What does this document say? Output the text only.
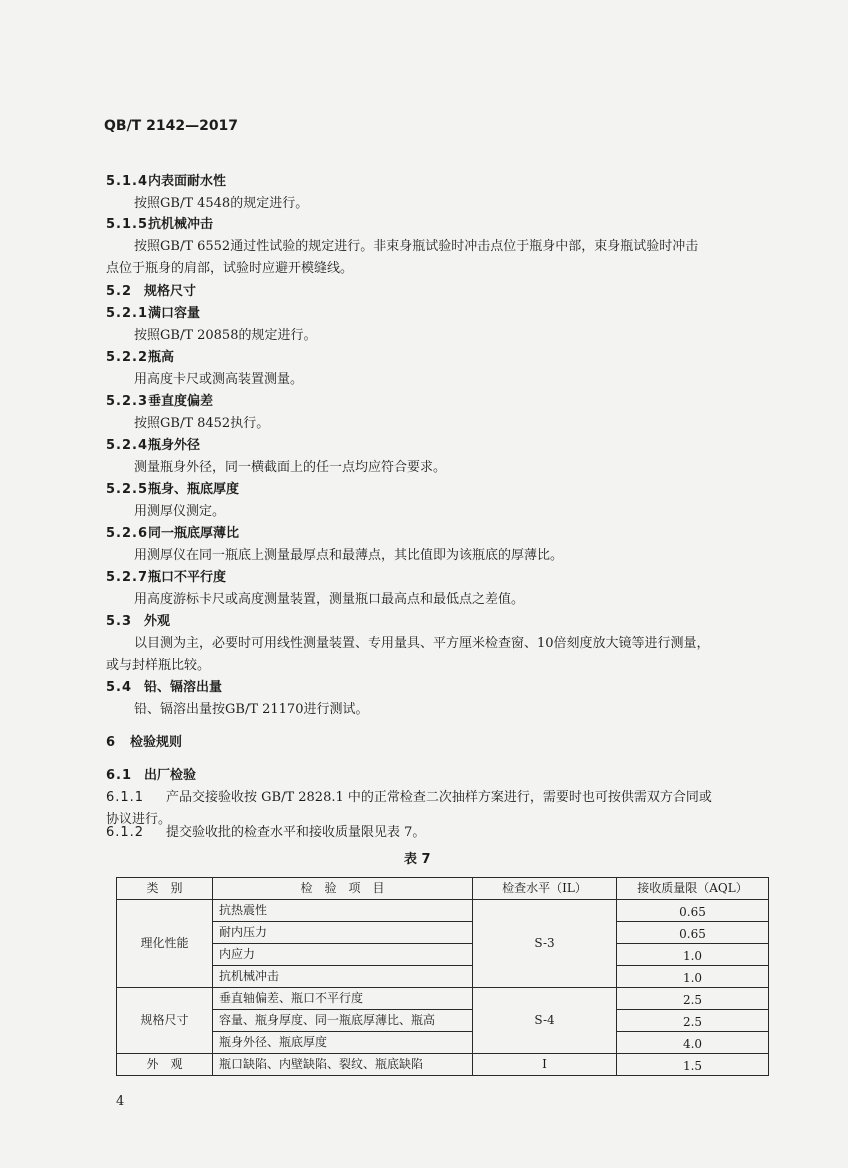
QB/T 2142—2017
5.1.4内表面耐水性
按照GB/T 4548的规定进行。
5.1.5抗机械冲击
按照GB/T 6552通过性试验的规定进行。非束身瓶试验时冲击点位于瓶身中部，束身瓶试验时冲击
点位于瓶身的肩部，试验时应避开模缝线。
5.2 规格尺寸
5.2.1满口容量
按照GB/T 20858的规定进行。
5.2.2瓶高
用高度卡尺或测高装置测量。
5.2.3垂直度偏差
按照GB/T 8452执行。
5.2.4瓶身外径
测量瓶身外径，同一横截面上的任一点均应符合要求。
5.2.5瓶身、瓶底厚度
用测厚仪测定。
5.2.6同一瓶底厚薄比
用测厚仪在同一瓶底上测量最厚点和最薄点，其比值即为该瓶底的厚薄比。
5.2.7瓶口不平行度
用高度游标卡尺或高度测量装置，测量瓶口最高点和最低点之差值。
5.3 外观
以目测为主，必要时可用线性测量装置、专用量具、平方厘米检查窗、10倍刻度放大镜等进行测量，
或与封样瓶比较。
5.4 铅、镉溶出量
铅、镉溶出量按GB/T 21170进行测试。
6 检验规则
6.1 出厂检验
6.1.1 产品交接验收按 GB/T 2828.1 中的正常检查二次抽样方案进行，需要时也可按供需双方合同或
协议进行。
6.1.2 提交验收批的检查水平和接收质量限见表 7。
表 7
类　别	检　验　项　目	检查水平（IL）	接收质量限（AQL）
理化性能	抗热震性	S-3	0.65
	耐内压力		0.65
	内应力		1.0
	抗机械冲击		1.0
规格尺寸	垂直轴偏差、瓶口不平行度	S-4	2.5
	容量、瓶身厚度、同一瓶底厚薄比、瓶高		2.5
	瓶身外径、瓶底厚度		4.0
外　观	瓶口缺陷、内壁缺陷、裂纹、瓶底缺陷	I	1.5
4
